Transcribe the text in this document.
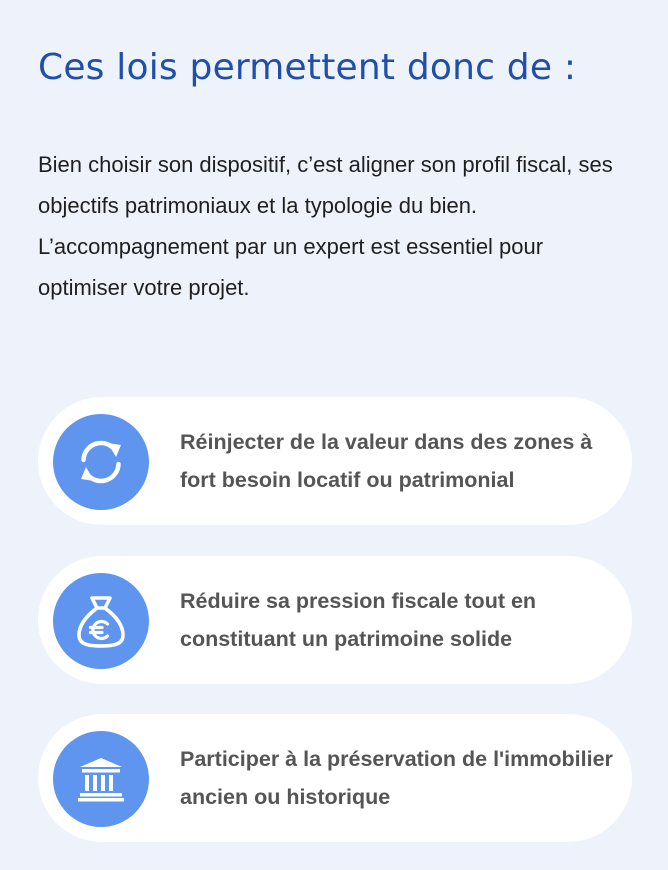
Ces lois permettent donc de :

Bien choisir son dispositif, c’est aligner son profil fiscal, ses objectifs patrimoniaux et la typologie du bien. L’accompagnement par un expert est essentiel pour optimiser votre projet.

Réinjecter de la valeur dans des zones à fort besoin locatif ou patrimonial

Réduire sa pression fiscale tout en constituant un patrimoine solide

Participer à la préservation de l'immobilier ancien ou historique
